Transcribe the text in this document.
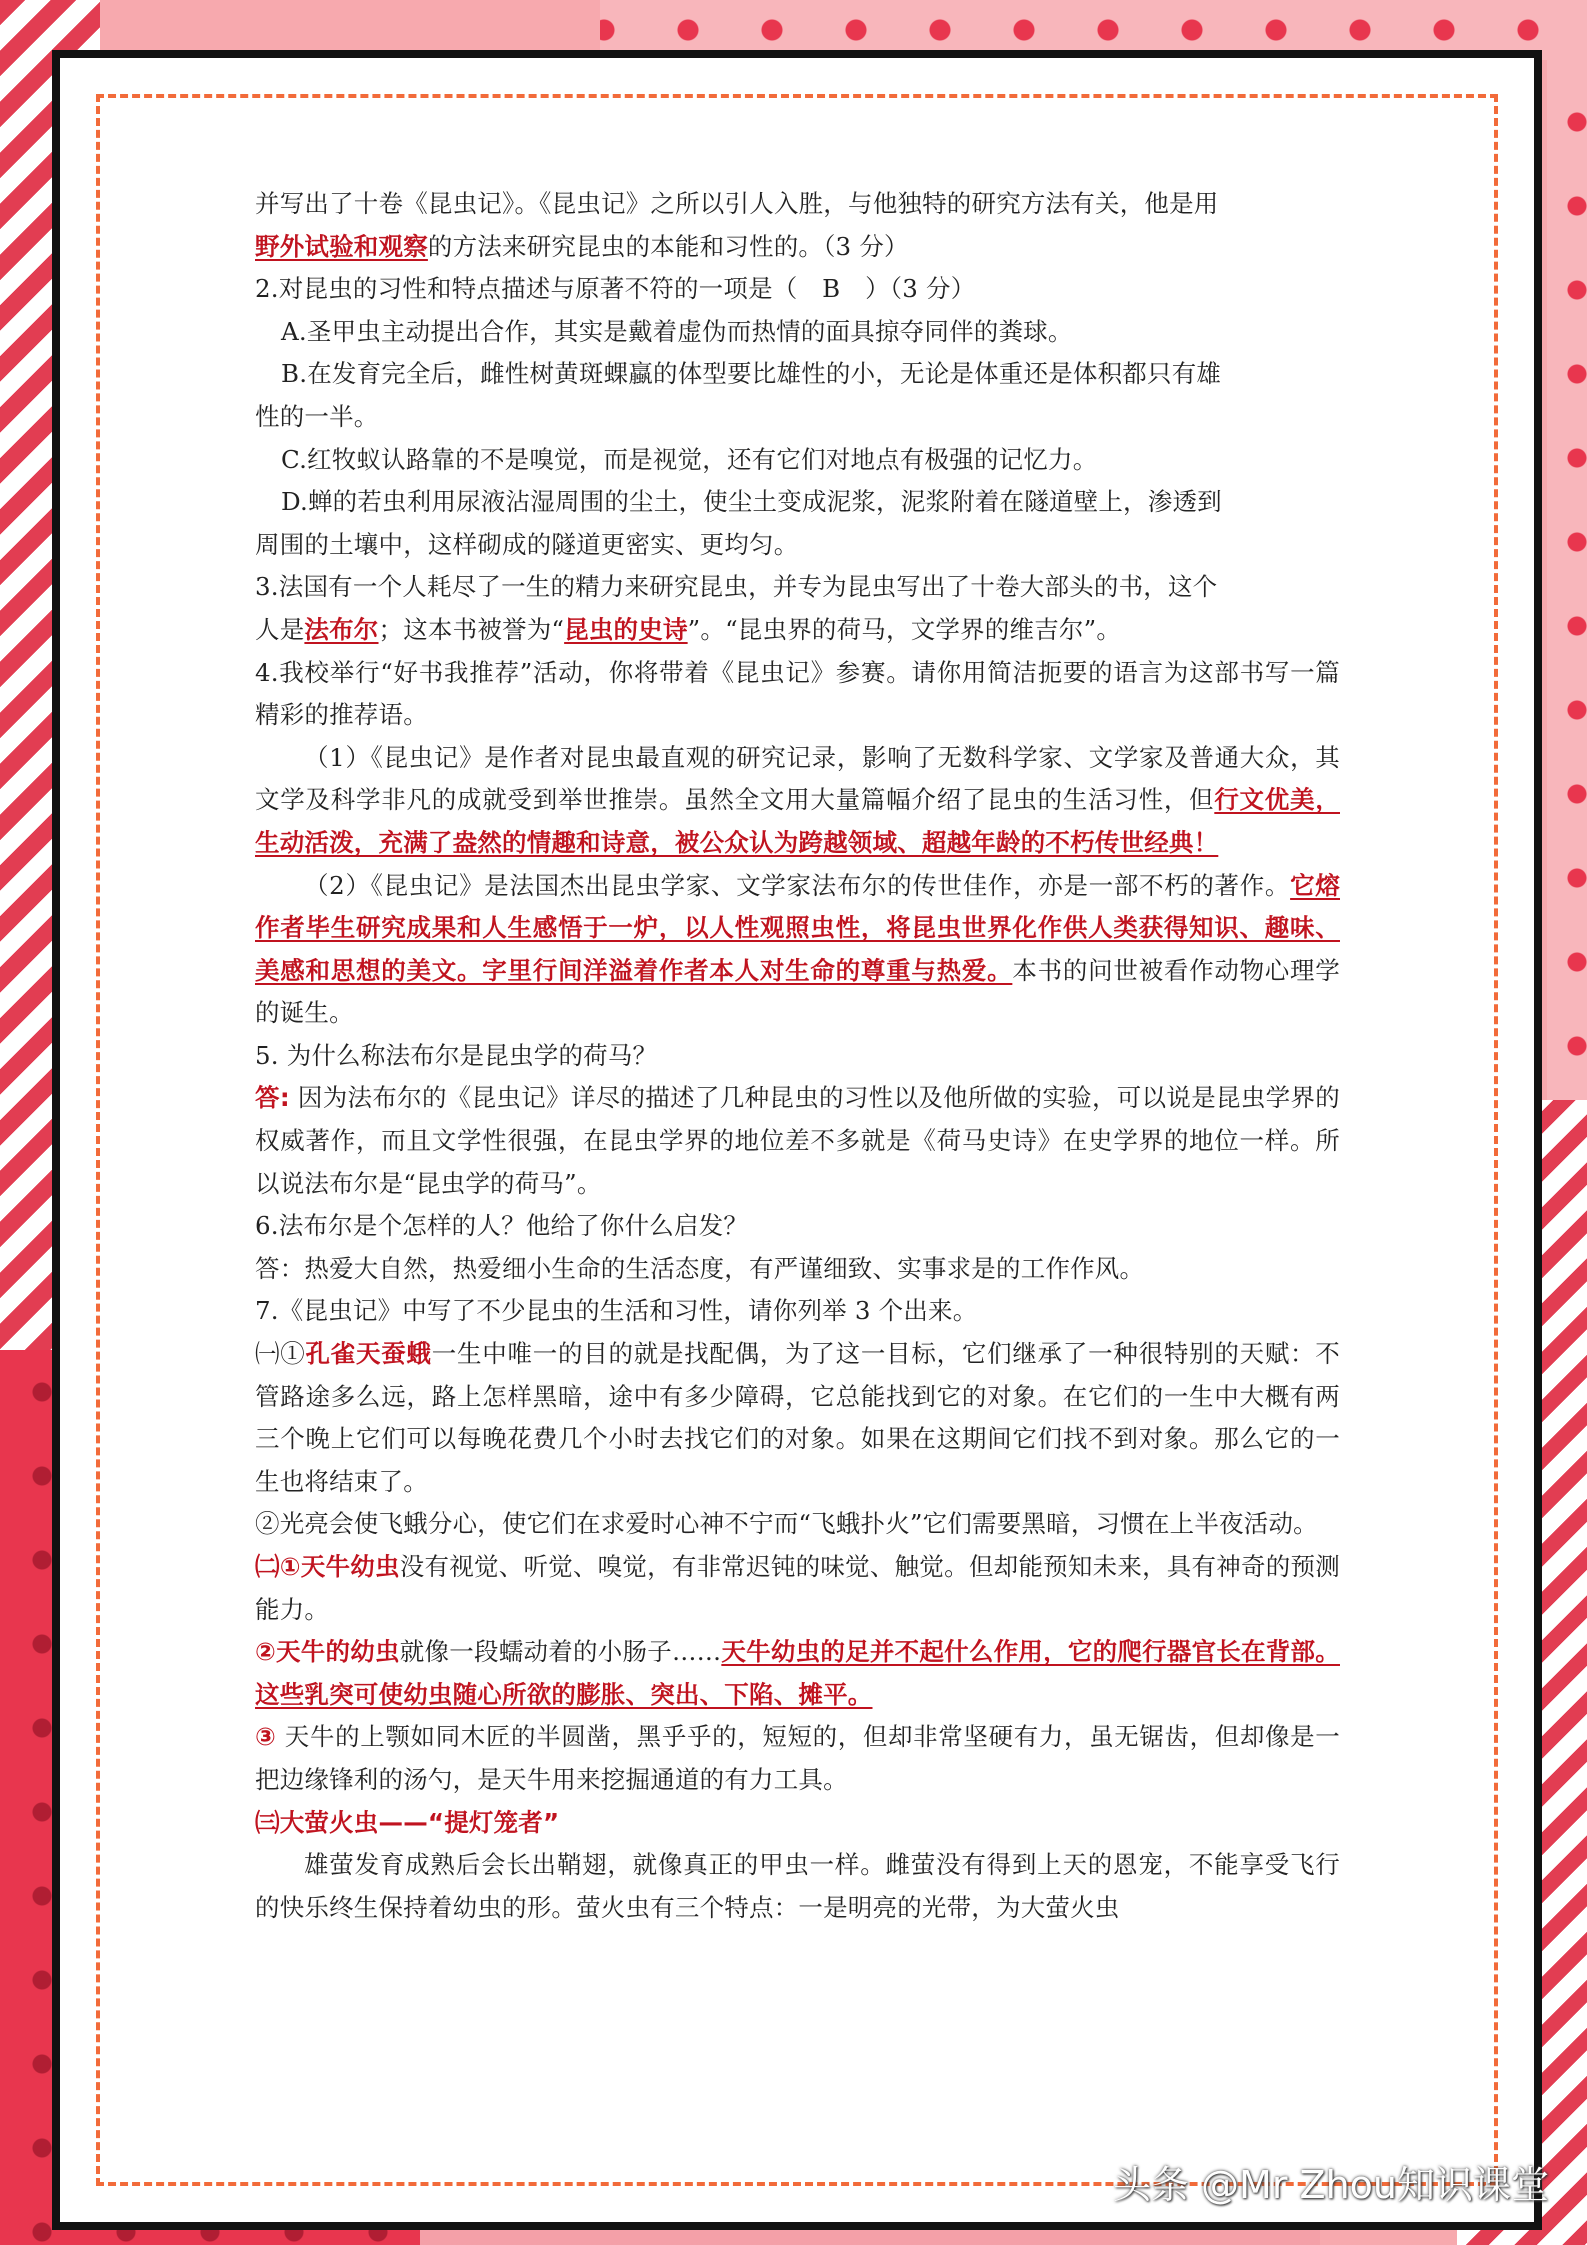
并写出了十卷《昆虫记》。《昆虫记》之所以引人入胜，与他独特的研究方法有关，他是用

野外试验和观察的方法来研究昆虫的本能和习性的。（3 分）

2.对昆虫的习性和特点描述与原著不符的一项是（　B　）（3 分）

A.圣甲虫主动提出合作，其实是戴着虚伪而热情的面具掠夺同伴的粪球。

B.在发育完全后，雌性树黄斑蜾蠃的体型要比雄性的小，无论是体重还是体积都只有雄

性的一半。

C.红牧蚁认路靠的不是嗅觉，而是视觉，还有它们对地点有极强的记忆力。

D.蝉的若虫利用尿液沾湿周围的尘土，使尘土变成泥浆，泥浆附着在隧道壁上，渗透到

周围的土壤中，这样砌成的隧道更密实、更均匀。

3.法国有一个人耗尽了一生的精力来研究昆虫，并专为昆虫写出了十卷大部头的书，这个

人是法布尔；这本书被誉为“昆虫的史诗”。“昆虫界的荷马，文学界的维吉尔”。

4.我校举行“好书我推荐”活动，你将带着《昆虫记》参赛。请你用简洁扼要的语言为这部书写一篇精彩的推荐语。

（1）《昆虫记》是作者对昆虫最直观的研究记录，影响了无数科学家、文学家及普通大众，其文学及科学非凡的成就受到举世推崇。虽然全文用大量篇幅介绍了昆虫的生活习性，但行文优美，生动活泼，充满了盎然的情趣和诗意，被公众认为跨越领域、超越年龄的不朽传世经典！

（2）《昆虫记》是法国杰出昆虫学家、文学家法布尔的传世佳作，亦是一部不朽的著作。它熔作者毕生研究成果和人生感悟于一炉，以人性观照虫性，将昆虫世界化作供人类获得知识、趣味、美感和思想的美文。字里行间洋溢着作者本人对生命的尊重与热爱。本书的问世被看作动物心理学的诞生。

5. 为什么称法布尔是昆虫学的荷马？

答: 因为法布尔的《昆虫记》详尽的描述了几种昆虫的习性以及他所做的实验，可以说是昆虫学界的权威著作，而且文学性很强，在昆虫学界的地位差不多就是《荷马史诗》在史学界的地位一样。所以说法布尔是“昆虫学的荷马”。

6.法布尔是个怎样的人？他给了你什么启发？

答：热爱大自然，热爱细小生命的生活态度，有严谨细致、实事求是的工作作风。

7.《昆虫记》中写了不少昆虫的生活和习性，请你列举 3 个出来。

㈠①孔雀天蚕蛾一生中唯一的目的就是找配偶，为了这一目标，它们继承了一种很特别的天赋：不管路途多么远，路上怎样黑暗，途中有多少障碍，它总能找到它的对象。在它们的一生中大概有两三个晚上它们可以每晚花费几个小时去找它们的对象。如果在这期间它们找不到对象。那么它的一生也将结束了。

②光亮会使飞蛾分心，使它们在求爱时心神不宁而“飞蛾扑火”它们需要黑暗，习惯在上半夜活动。

㈡①天牛幼虫没有视觉、听觉、嗅觉，有非常迟钝的味觉、触觉。但却能预知未来，具有神奇的预测能力。

②天牛的幼虫就像一段蠕动着的小肠子……天牛幼虫的足并不起什么作用，它的爬行器官长在背部。这些乳突可使幼虫随心所欲的膨胀、突出、下陷、摊平。

③ 天牛的上颚如同木匠的半圆凿，黑乎乎的，短短的，但却非常坚硬有力，虽无锯齿，但却像是一把边缘锋利的汤勺，是天牛用来挖掘通道的有力工具。

㈢大萤火虫——“提灯笼者”

雄萤发育成熟后会长出鞘翅，就像真正的甲虫一样。雌萤没有得到上天的恩宠，不能享受飞行的快乐终生保持着幼虫的形。萤火虫有三个特点：一是明亮的光带，为大萤火虫

头条 @Mr Zhou知识课堂
